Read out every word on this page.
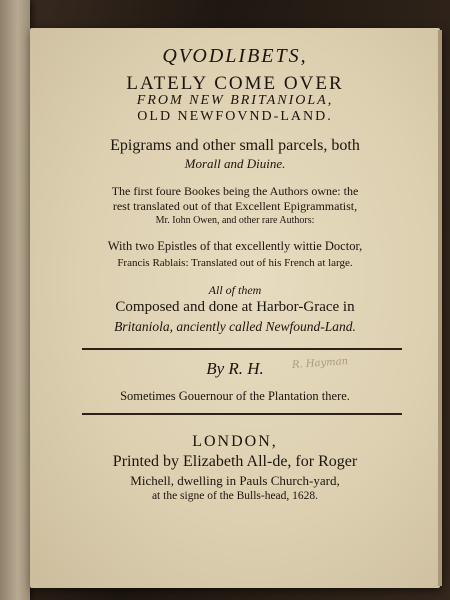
QVODLIBETS,
LATELY COME OVER
FROM NEW BRITANIOLA,
OLD NEWFOVND-LAND.
Epigrams and other small parcels, both
Morall and Diuine.
The first foure Bookes being the Authors owne: the
rest translated out of that Excellent Epigrammatist,
Mr. Iohn Owen, and other rare Authors:
With two Epistles of that excellently wittie Doctor,
Francis Rablais: Translated out of his French at large.
All of them
Composed and done at Harbor-Grace in
Britaniola, anciently called Newfound-Land.
By R. H.	R. Hayman
Sometimes Gouernour of the Plantation there.
LONDON,
Printed by Elizabeth All-de, for Roger
Michell, dwelling in Pauls Church-yard,
at the signe of the Bulls-head, 1628.
